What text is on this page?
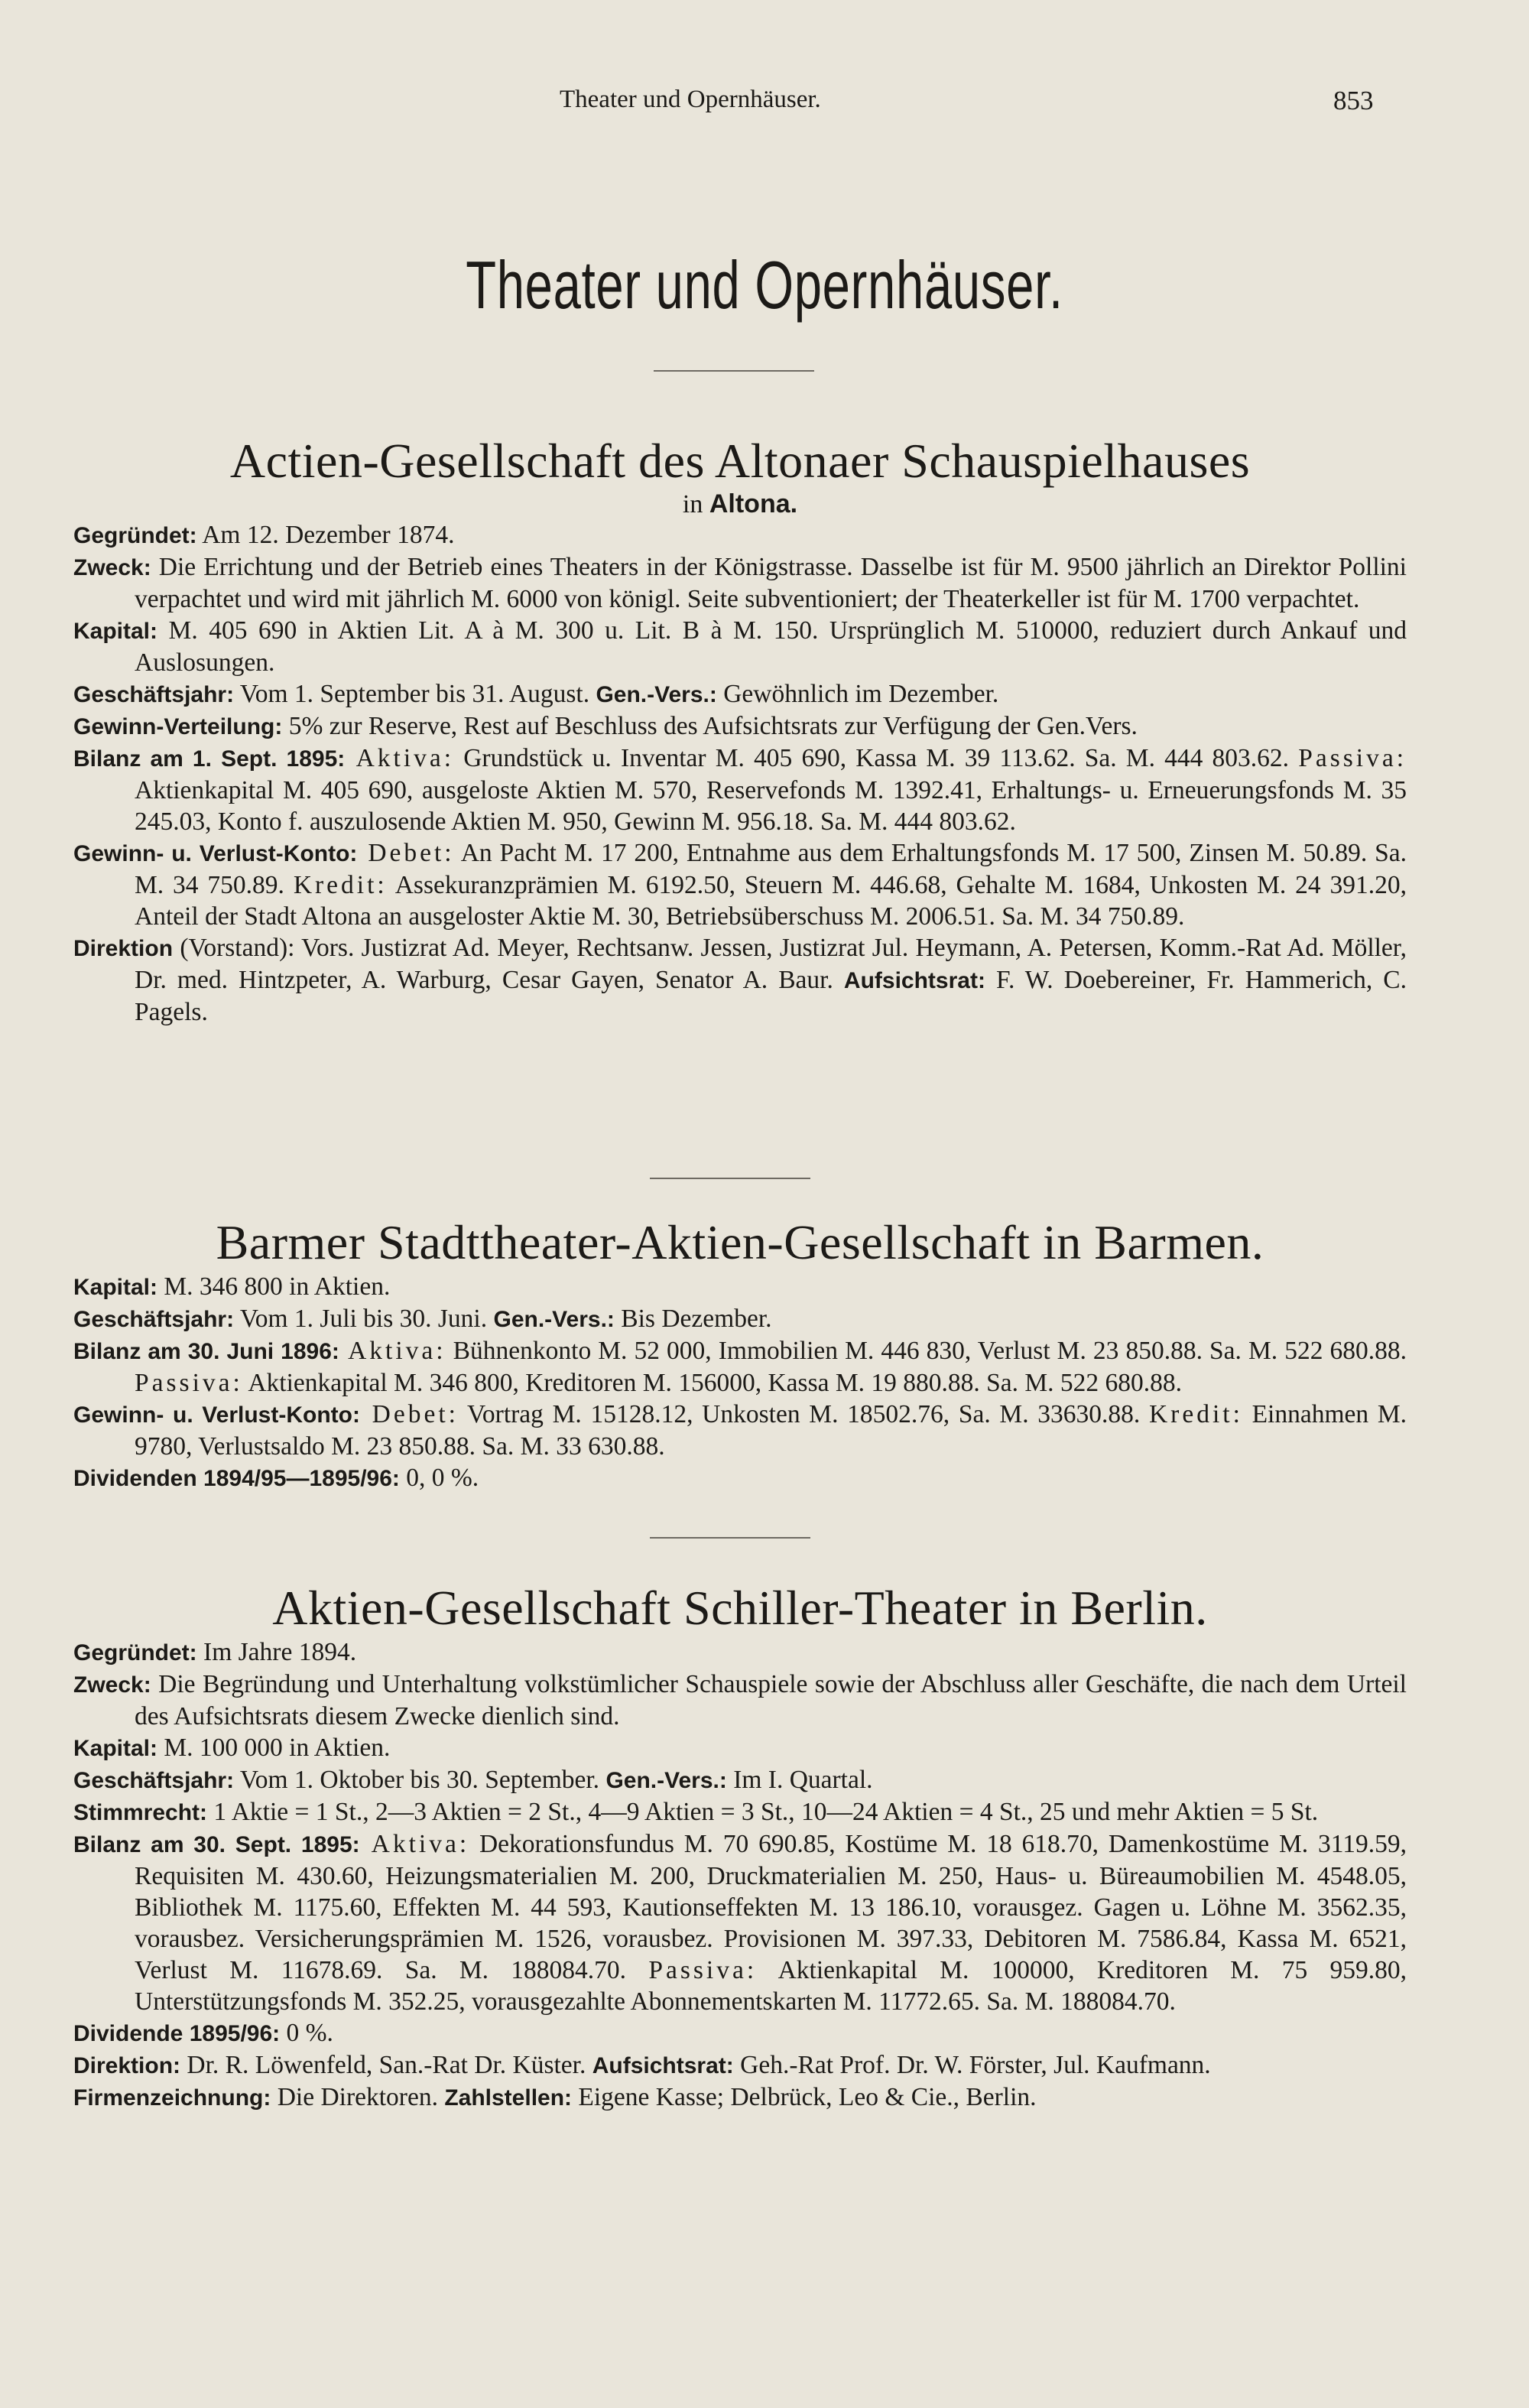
Theater und Opernhäuser.	853
Theater und Opernhäuser.
Actien-Gesellschaft des Altonaer Schauspielhauses
in Altona.

Gegründet: Am 12. Dezember 1874.

Zweck: Die Errichtung und der Betrieb eines Theaters in der Königstrasse. Dasselbe ist für M. 9500 jährlich an Direktor Pollini verpachtet und wird mit jährlich M. 6000 von königl. Seite subventioniert; der Theaterkeller ist für M. 1700 verpachtet.

Kapital: M. 405 690 in Aktien Lit. A à M. 300 u. Lit. B à M. 150. Ursprünglich M. 510000, reduziert durch Ankauf und Auslosungen.

Geschäftsjahr: Vom 1. September bis 31. August. Gen.-Vers.: Gewöhnlich im Dezember.

Gewinn-Verteilung: 5% zur Reserve, Rest auf Beschluss des Aufsichtsrats zur Verfügung der Gen.Vers.

Bilanz am 1. Sept. 1895: Aktiva: Grundstück u. Inventar M. 405 690, Kassa M. 39 113.62. Sa. M. 444 803.62. Passiva: Aktienkapital M. 405 690, ausgeloste Aktien M. 570, Reservefonds M. 1392.41, Erhaltungs- u. Erneuerungsfonds M. 35 245.03, Konto f. auszulosende Aktien M. 950, Gewinn M. 956.18. Sa. M. 444 803.62.

Gewinn- u. Verlust-Konto: Debet: An Pacht M. 17 200, Entnahme aus dem Erhaltungsfonds M. 17 500, Zinsen M. 50.89. Sa. M. 34 750.89. Kredit: Assekuranzprämien M. 6192.50, Steuern M. 446.68, Gehalte M. 1684, Unkosten M. 24 391.20, Anteil der Stadt Altona an ausgeloster Aktie M. 30, Betriebsüberschuss M. 2006.51. Sa. M. 34 750.89.

Direktion (Vorstand): Vors. Justizrat Ad. Meyer, Rechtsanw. Jessen, Justizrat Jul. Heymann, A. Petersen, Komm.-Rat Ad. Möller, Dr. med. Hintzpeter, A. Warburg, Cesar Gayen, Senator A. Baur. Aufsichtsrat: F. W. Doebereiner, Fr. Hammerich, C. Pagels.

Barmer Stadttheater-Aktien-Gesellschaft in Barmen.

Kapital: M. 346 800 in Aktien.

Geschäftsjahr: Vom 1. Juli bis 30. Juni. Gen.-Vers.: Bis Dezember.

Bilanz am 30. Juni 1896: Aktiva: Bühnenkonto M. 52 000, Immobilien M. 446 830, Verlust M. 23 850.88. Sa. M. 522 680.88. Passiva: Aktienkapital M. 346 800, Kreditoren M. 156000, Kassa M. 19 880.88. Sa. M. 522 680.88.

Gewinn- u. Verlust-Konto: Debet: Vortrag M. 15128.12, Unkosten M. 18502.76, Sa. M. 33630.88. Kredit: Einnahmen M. 9780, Verlustsaldo M. 23 850.88. Sa. M. 33 630.88.

Dividenden 1894/95—1895/96: 0, 0 %.

Aktien-Gesellschaft Schiller-Theater in Berlin.

Gegründet: Im Jahre 1894.

Zweck: Die Begründung und Unterhaltung volkstümlicher Schauspiele sowie der Abschluss aller Geschäfte, die nach dem Urteil des Aufsichtsrats diesem Zwecke dienlich sind.

Kapital: M. 100 000 in Aktien.

Geschäftsjahr: Vom 1. Oktober bis 30. September. Gen.-Vers.: Im I. Quartal.

Stimmrecht: 1 Aktie = 1 St., 2—3 Aktien = 2 St., 4—9 Aktien = 3 St., 10—24 Aktien = 4 St., 25 und mehr Aktien = 5 St.

Bilanz am 30. Sept. 1895: Aktiva: Dekorationsfundus M. 70 690.85, Kostüme M. 18 618.70, Damenkostüme M. 3119.59, Requisiten M. 430.60, Heizungsmaterialien M. 200, Druckmaterialien M. 250, Haus- u. Büreaumobilien M. 4548.05, Bibliothek M. 1175.60, Effekten M. 44 593, Kautionseffekten M. 13 186.10, vorausgez. Gagen u. Löhne M. 3562.35, vorausbez. Versicherungsprämien M. 1526, vorausbez. Provisionen M. 397.33, Debitoren M. 7586.84, Kassa M. 6521, Verlust M. 11678.69. Sa. M. 188084.70. Passiva: Aktienkapital M. 100000, Kreditoren M. 75 959.80, Unterstützungsfonds M. 352.25, vorausgezahlte Abonnementskarten M. 11772.65. Sa. M. 188084.70.

Dividende 1895/96: 0 %.

Direktion: Dr. R. Löwenfeld, San.-Rat Dr. Küster. Aufsichtsrat: Geh.-Rat Prof. Dr. W. Förster, Jul. Kaufmann.

Firmenzeichnung: Die Direktoren. Zahlstellen: Eigene Kasse; Delbrück, Leo & Cie., Berlin.
